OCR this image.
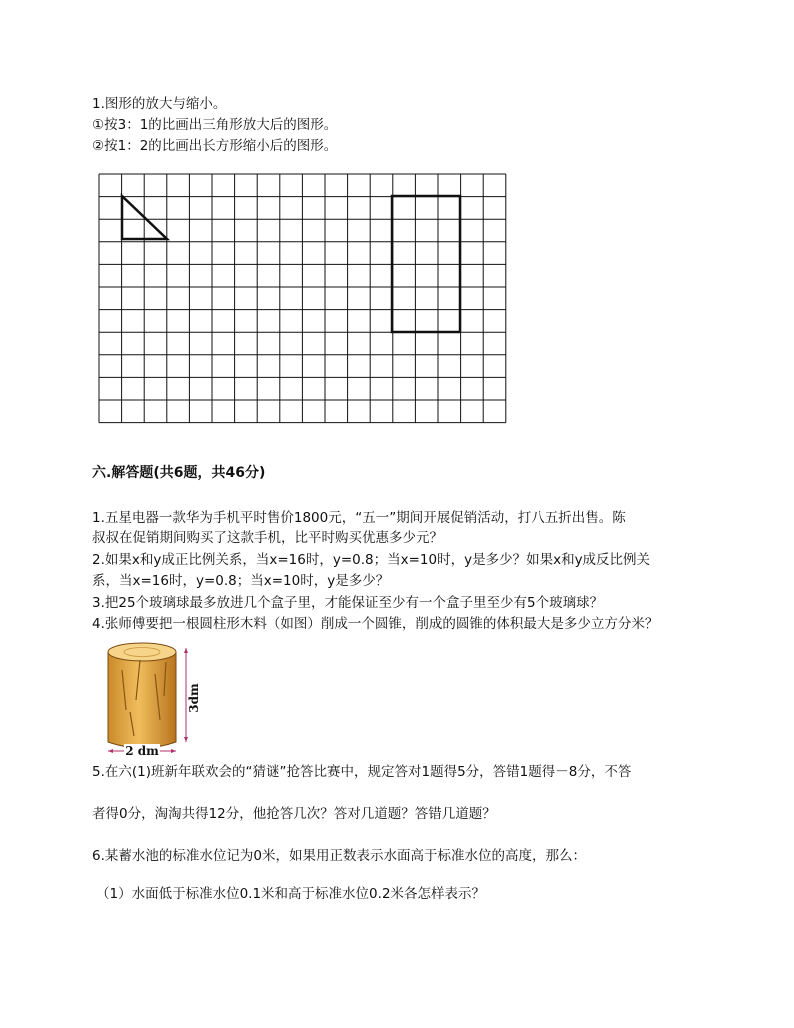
1.图形的放大与缩小。
①按3：1的比画出三角形放大后的图形。
②按1：2的比画出长方形缩小后的图形。
六.解答题(共6题，共46分)
1.五星电器一款华为手机平时售价1800元，“五一”期间开展促销活动，打八五折出售。陈
叔叔在促销期间购买了这款手机，比平时购买优惠多少元？
2.如果x和y成正比例关系，当x=16时，y=0.8；当x=10时，y是多少？如果x和y成反比例关
系，当x=16时，y=0.8；当x=10时，y是多少？
3.把25个玻璃球最多放进几个盒子里，才能保证至少有一个盒子里至少有5个玻璃球？
4.张师傅要把一根圆柱形木料（如图）削成一个圆锥，削成的圆锥的体积最大是多少立方分米？
3dm
2 dm
5.在六(1)班新年联欢会的“猜谜”抢答比赛中，规定答对1题得5分，答错1题得－8分，不答
者得0分，淘淘共得12分，他抢答几次？答对几道题？答错几道题？
6.某蓄水池的标准水位记为0米，如果用正数表示水面高于标准水位的高度，那么：
（1）水面低于标准水位0.1米和高于标准水位0.2米各怎样表示？
